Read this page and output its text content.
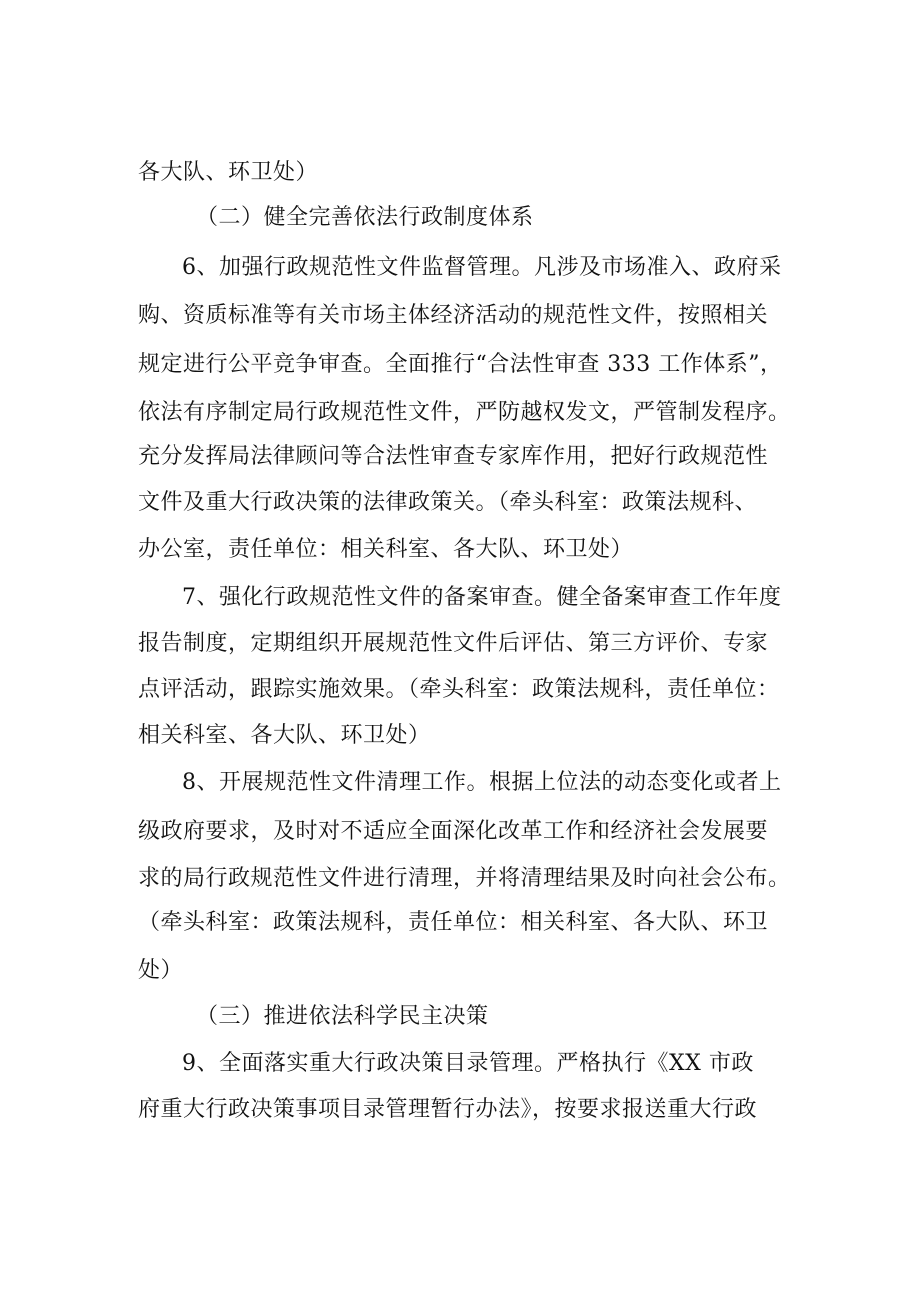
各大队、环卫处）
（二）健全完善依法行政制度体系
6、加强行政规范性文件监督管理。凡涉及市场准入、政府采
购、资质标准等有关市场主体经济活动的规范性文件，按照相关
规定进行公平竞争审查。全面推行“合法性审查 333 工作体系”，
依法有序制定局行政规范性文件，严防越权发文，严管制发程序。
充分发挥局法律顾问等合法性审查专家库作用，把好行政规范性
文件及重大行政决策的法律政策关。（牵头科室：政策法规科、
办公室，责任单位：相关科室、各大队、环卫处）
7、强化行政规范性文件的备案审查。健全备案审查工作年度
报告制度，定期组织开展规范性文件后评估、第三方评价、专家
点评活动，跟踪实施效果。（牵头科室：政策法规科，责任单位：
相关科室、各大队、环卫处）
8、开展规范性文件清理工作。根据上位法的动态变化或者上
级政府要求，及时对不适应全面深化改革工作和经济社会发展要
求的局行政规范性文件进行清理，并将清理结果及时向社会公布。
（牵头科室：政策法规科，责任单位：相关科室、各大队、环卫
处）
（三）推进依法科学民主决策
9、全面落实重大行政决策目录管理。严格执行《XX 市政
府重大行政决策事项目录管理暂行办法》，按要求报送重大行政
